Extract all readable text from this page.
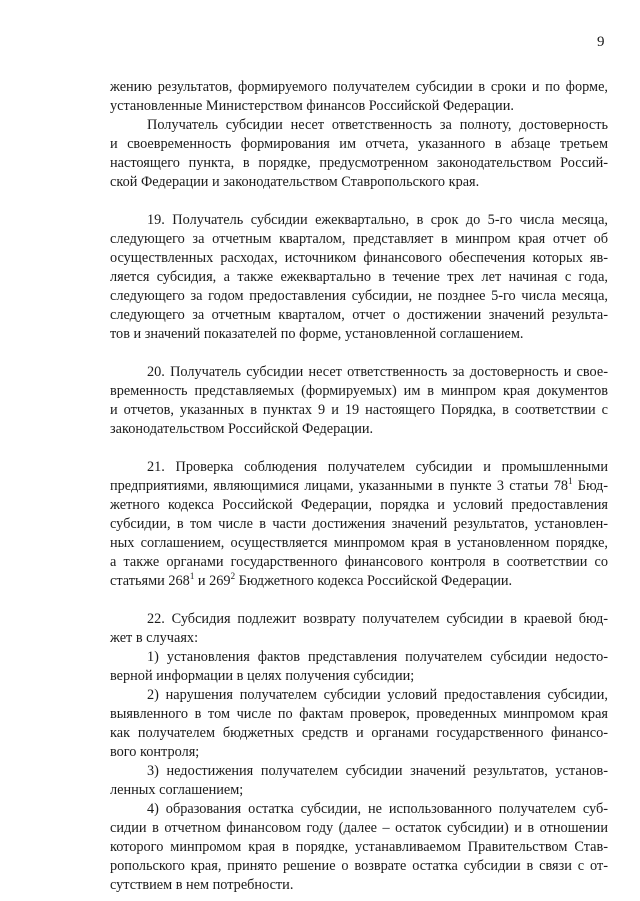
9
жению результатов, формируемого получателем субсидии в сроки и по форме,
установленные Министерством финансов Российской Федерации.
Получатель субсидии несет ответственность за полноту, достоверность
и своевременность формирования им отчета, указанного в абзаце третьем
настоящего пункта, в порядке, предусмотренном законодательством Россий-
ской Федерации и законодательством Ставропольского края.
19. Получатель субсидии ежеквартально, в срок до 5-го числа месяца,
следующего за отчетным кварталом, представляет в минпром края отчет об
осуществленных расходах, источником финансового обеспечения которых яв-
ляется субсидия, а также ежеквартально в течение трех лет начиная с года,
следующего за годом предоставления субсидии, не позднее 5-го числа месяца,
следующего за отчетным кварталом, отчет о достижении значений результа-
тов и значений показателей по форме, установленной соглашением.
20. Получатель субсидии несет ответственность за достоверность и свое-
временность представляемых (формируемых) им в минпром края документов
и отчетов, указанных в пунктах 9 и 19 настоящего Порядка, в соответствии с
законодательством Российской Федерации.
21. Проверка соблюдения получателем субсидии и промышленными
предприятиями, являющимися лицами, указанными в пункте 3 статьи $78^1$ Бюд-
жетного кодекса Российской Федерации, порядка и условий предоставления
субсидии, в том числе в части достижения значений результатов, установлен-
ных соглашением, осуществляется минпромом края в установленном порядке,
а также органами государственного финансового контроля в соответствии со
статьями $268^1$ и $269^2$ Бюджетного кодекса Российской Федерации.
22. Субсидия подлежит возврату получателем субсидии в краевой бюд-
жет в случаях:
1) установления фактов представления получателем субсидии недосто-
верной информации в целях получения субсидии;
2) нарушения получателем субсидии условий предоставления субсидии,
выявленного в том числе по фактам проверок, проведенных минпромом края
как получателем бюджетных средств и органами государственного финансо-
вого контроля;
3) недостижения получателем субсидии значений результатов, установ-
ленных соглашением;
4) образования остатка субсидии, не использованного получателем суб-
сидии в отчетном финансовом году (далее – остаток субсидии) и в отношении
которого минпромом края в порядке, устанавливаемом Правительством Став-
ропольского края, принято решение о возврате остатка субсидии в связи с от-
сутствием в нем потребности.
